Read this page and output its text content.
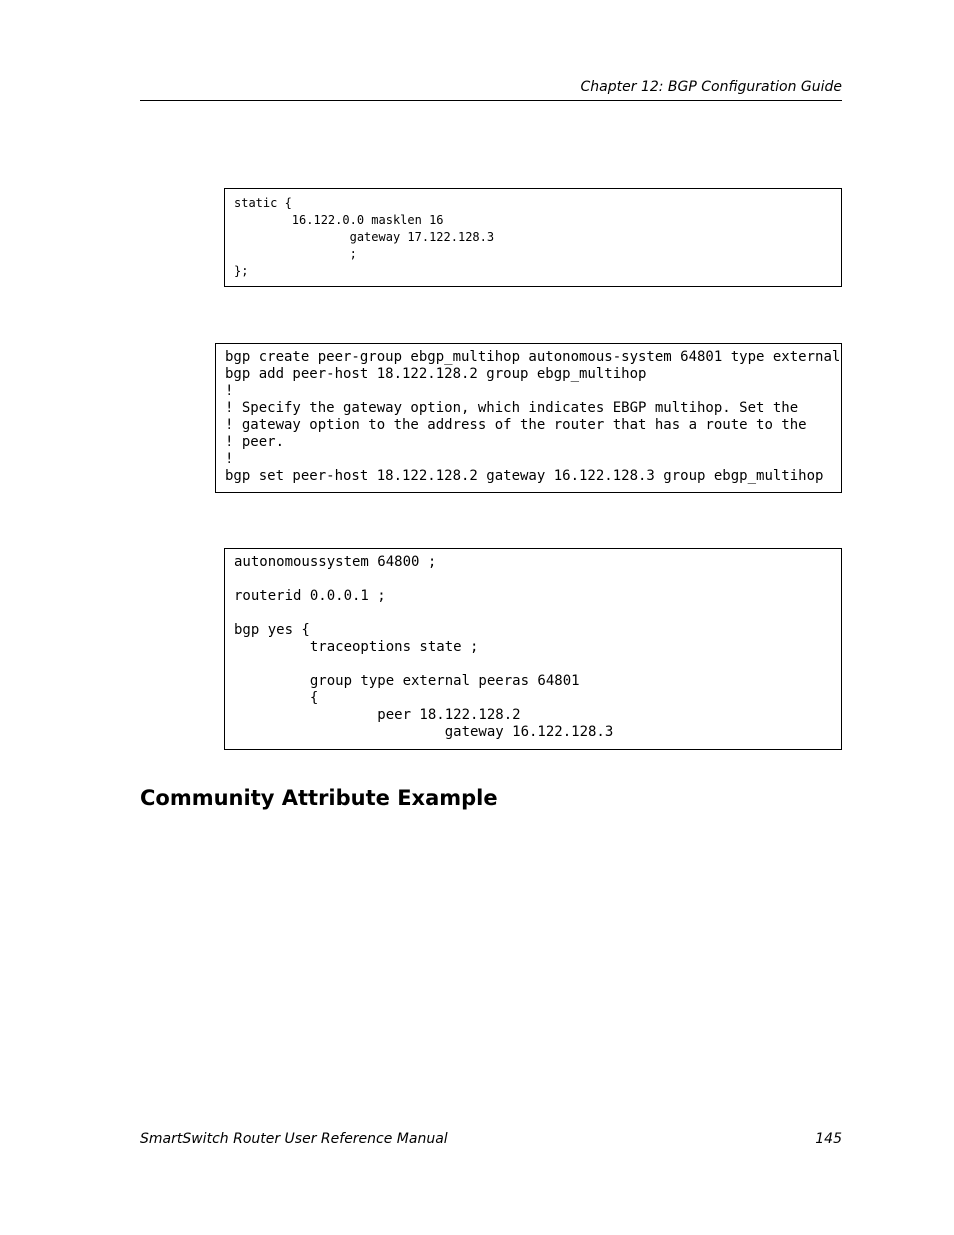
Chapter 12: BGP Configuration Guide
static {
16.122.0.0 masklen 16
gateway 17.122.128.3
;
};
bgp create peer-group ebgp_multihop autonomous-system 64801 type external
bgp add peer-host 18.122.128.2 group ebgp_multihop
!
! Specify the gateway option, which indicates EBGP multihop. Set the
! gateway option to the address of the router that has a route to the
! peer.
!
bgp set peer-host 18.122.128.2 gateway 16.122.128.3 group ebgp_multihop
autonomoussystem 64800 ;

routerid 0.0.0.1 ;

bgp yes {
traceoptions state ;

group type external peeras 64801
{
peer 18.122.128.2
gateway 16.122.128.3
Community Attribute Example
SmartSwitch Router User Reference Manual	145
